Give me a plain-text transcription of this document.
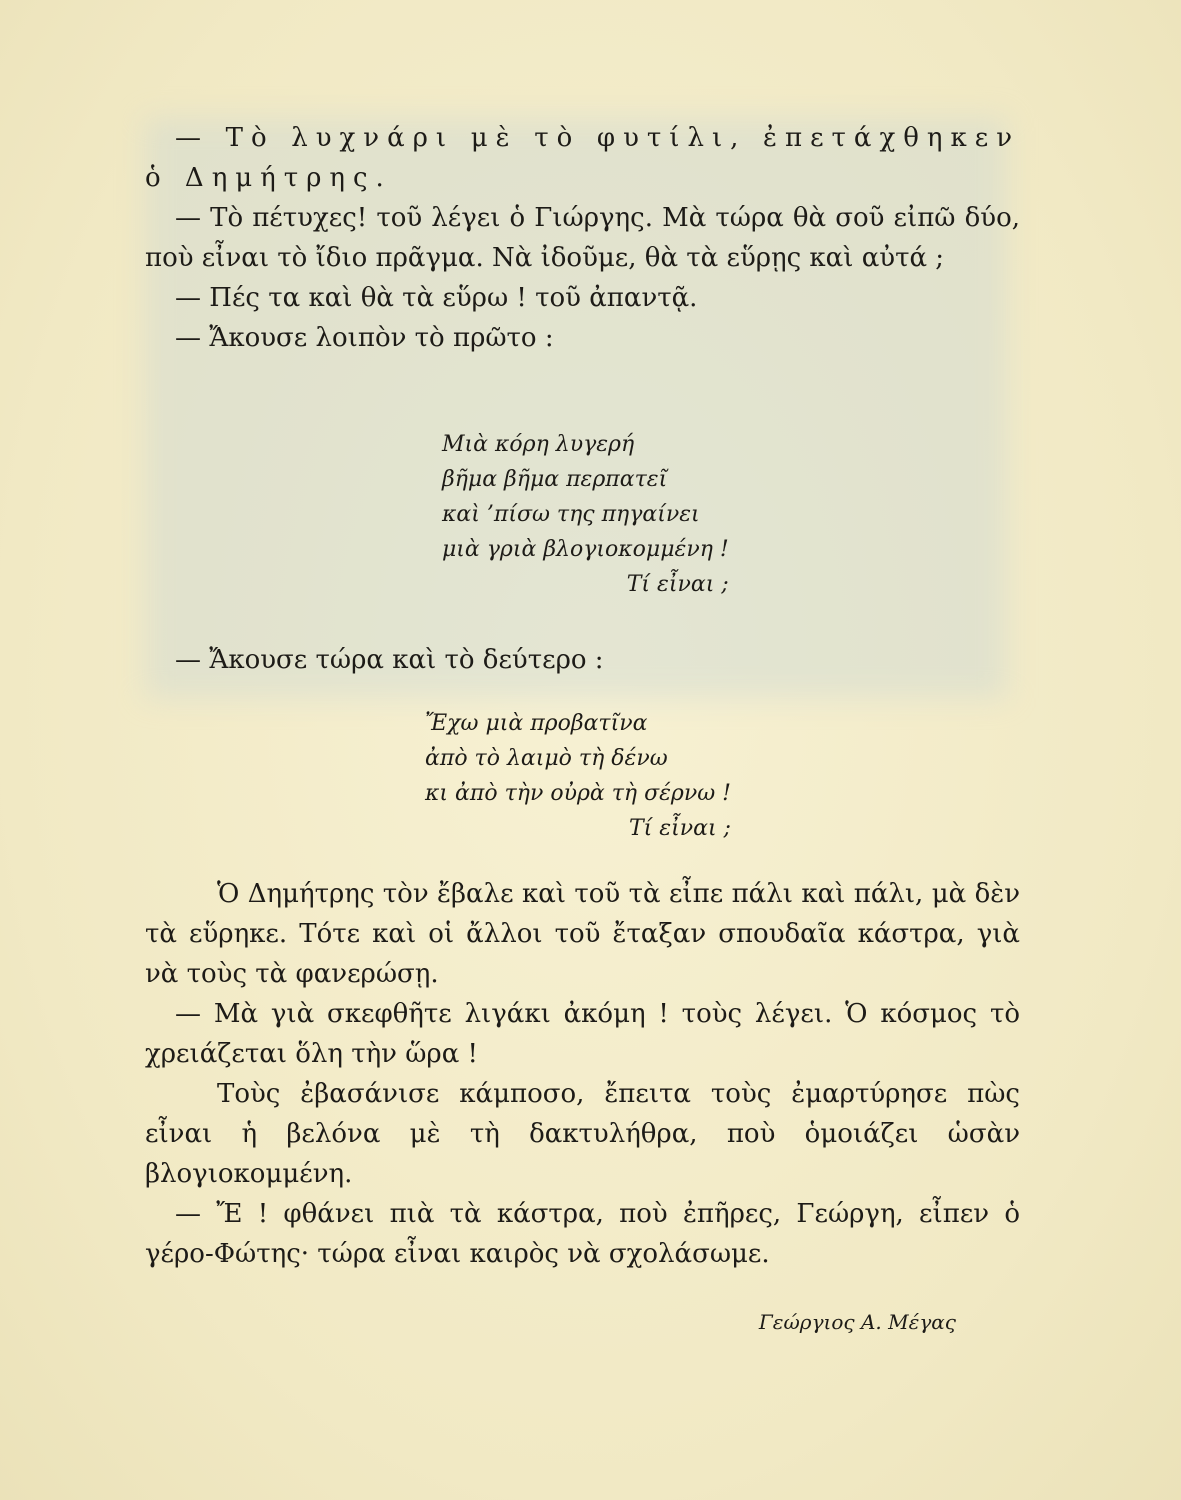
— Τὸ λυχνάρι μὲ τὸ φυτίλι, ἐπετάχθηκεν ὁ Δημήτρης.

— Τὸ πέτυχες! τοῦ λέγει ὁ Γιώργης. Μὰ τώρα θὰ σοῦ εἰπῶ δύο, ποὺ εἶναι τὸ ἴδιο πρᾶγμα. Νὰ ἰδοῦμε, θὰ τὰ εὕρῃς καὶ αὐτά ;

— Πές τα καὶ θὰ τὰ εὕρω ! τοῦ ἀπαντᾷ.

— Ἄκουσε λοιπὸν τὸ πρῶτο :

Μιὰ κόρη λυγερή
βῆμα βῆμα περπατεῖ
καὶ ’πίσω της πηγαίνει
μιὰ γριὰ βλογιοκομμένη !
Τί εἶναι ;

— Ἄκουσε τώρα καὶ τὸ δεύτερο :

Ἔχω μιὰ προβατῖνα
ἀπὸ τὸ λαιμὸ τὴ δένω
κι ἀπὸ τὴν οὐρὰ τὴ σέρνω !
Τί εἶναι ;

Ὁ Δημήτρης τὸν ἔβαλε καὶ τοῦ τὰ εἶπε πάλι καὶ πάλι, μὰ δὲν τὰ εὕρηκε. Τότε καὶ οἱ ἄλλοι τοῦ ἔταξαν σπουδαῖα κάστρα, γιὰ νὰ τοὺς τὰ φανερώσῃ.

— Μὰ γιὰ σκεφθῆτε λιγάκι ἀκόμη ! τοὺς λέγει. Ὁ κόσμος τὸ χρειάζεται ὅλη τὴν ὥρα !

Τοὺς ἐβασάνισε κάμποσο, ἔπειτα τοὺς ἐμαρτύρησε πὼς εἶναι ἡ βελόνα μὲ τὴ δακτυλήθρα, ποὺ ὁμοιάζει ὡσὰν βλογιοκομμένη.

— Ἔ ! φθάνει πιὰ τὰ κάστρα, ποὺ ἐπῆρες, Γεώργη, εἶπεν ὁ γέρο-Φώτης· τώρα εἶναι καιρὸς νὰ σχολάσωμε.

Γεώργιος Α. Μέγας
